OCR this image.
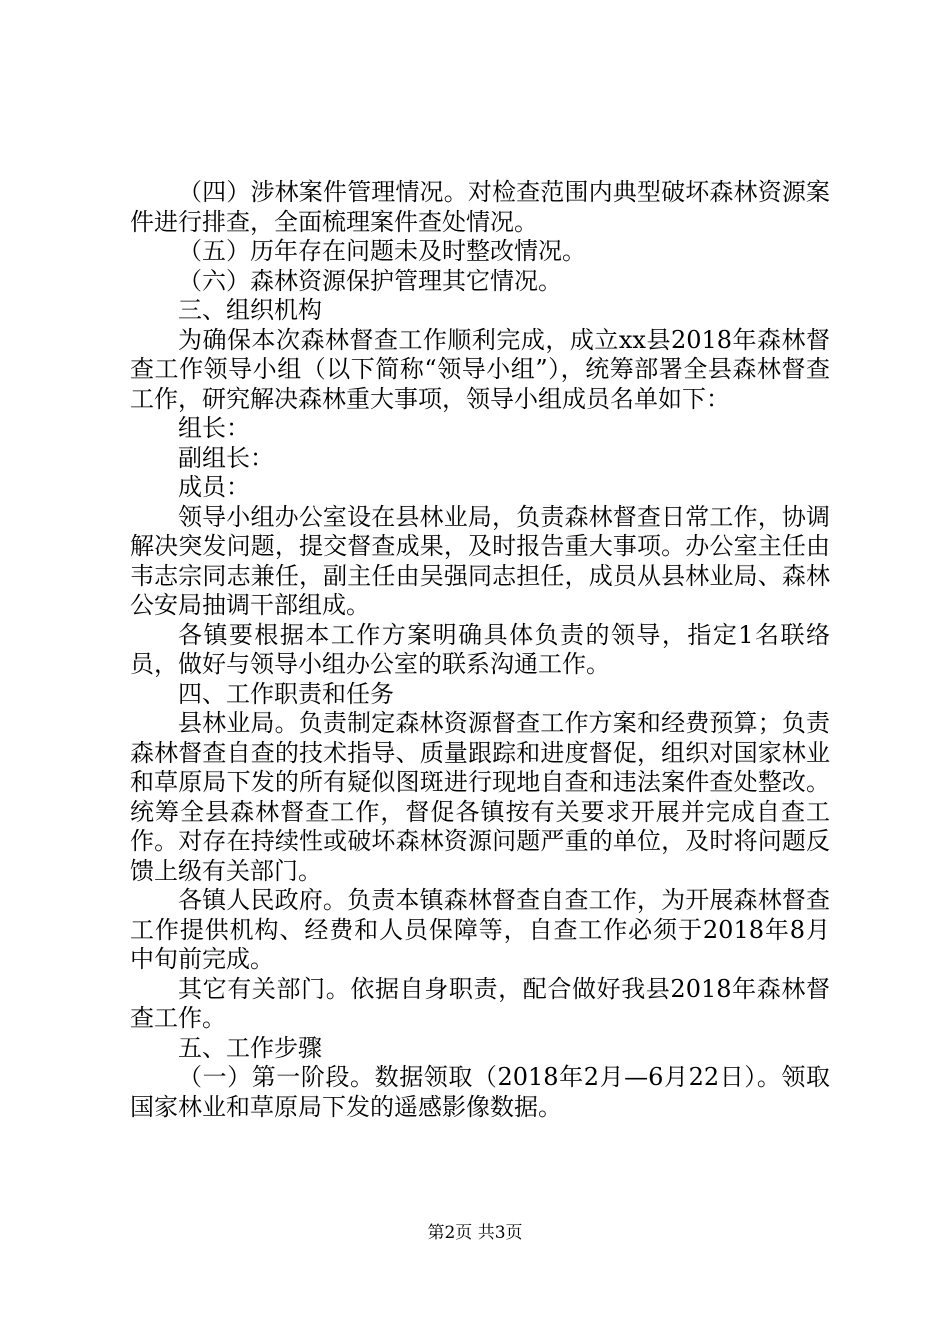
（四）涉林案件管理情况。对检查范围内典型破坏森林资源案件进行排查，全面梳理案件查处情况。

（五）历年存在问题未及时整改情况。

（六）森林资源保护管理其它情况。

三、组织机构

为确保本次森林督查工作顺利完成，成立xx县2018年森林督查工作领导小组（以下简称“领导小组”），统筹部署全县森林督查工作，研究解决森林重大事项，领导小组成员名单如下：

组长：

副组长：

成员：

领导小组办公室设在县林业局，负责森林督查日常工作，协调解决突发问题，提交督查成果，及时报告重大事项。办公室主任由韦志宗同志兼任，副主任由吴强同志担任，成员从县林业局、森林公安局抽调干部组成。

各镇要根据本工作方案明确具体负责的领导，指定1名联络员，做好与领导小组办公室的联系沟通工作。

四、工作职责和任务

县林业局。负责制定森林资源督查工作方案和经费预算；负责森林督查自查的技术指导、质量跟踪和进度督促，组织对国家林业和草原局下发的所有疑似图斑进行现地自查和违法案件查处整改。统筹全县森林督查工作，督促各镇按有关要求开展并完成自查工作。对存在持续性或破坏森林资源问题严重的单位，及时将问题反馈上级有关部门。

各镇人民政府。负责本镇森林督查自查工作，为开展森林督查工作提供机构、经费和人员保障等，自查工作必须于2018年8月中旬前完成。

其它有关部门。依据自身职责，配合做好我县2018年森林督查工作。

五、工作步骤

（一）第一阶段。数据领取（2018年2月—6月22日）。领取国家林业和草原局下发的遥感影像数据。

第2页 共3页
